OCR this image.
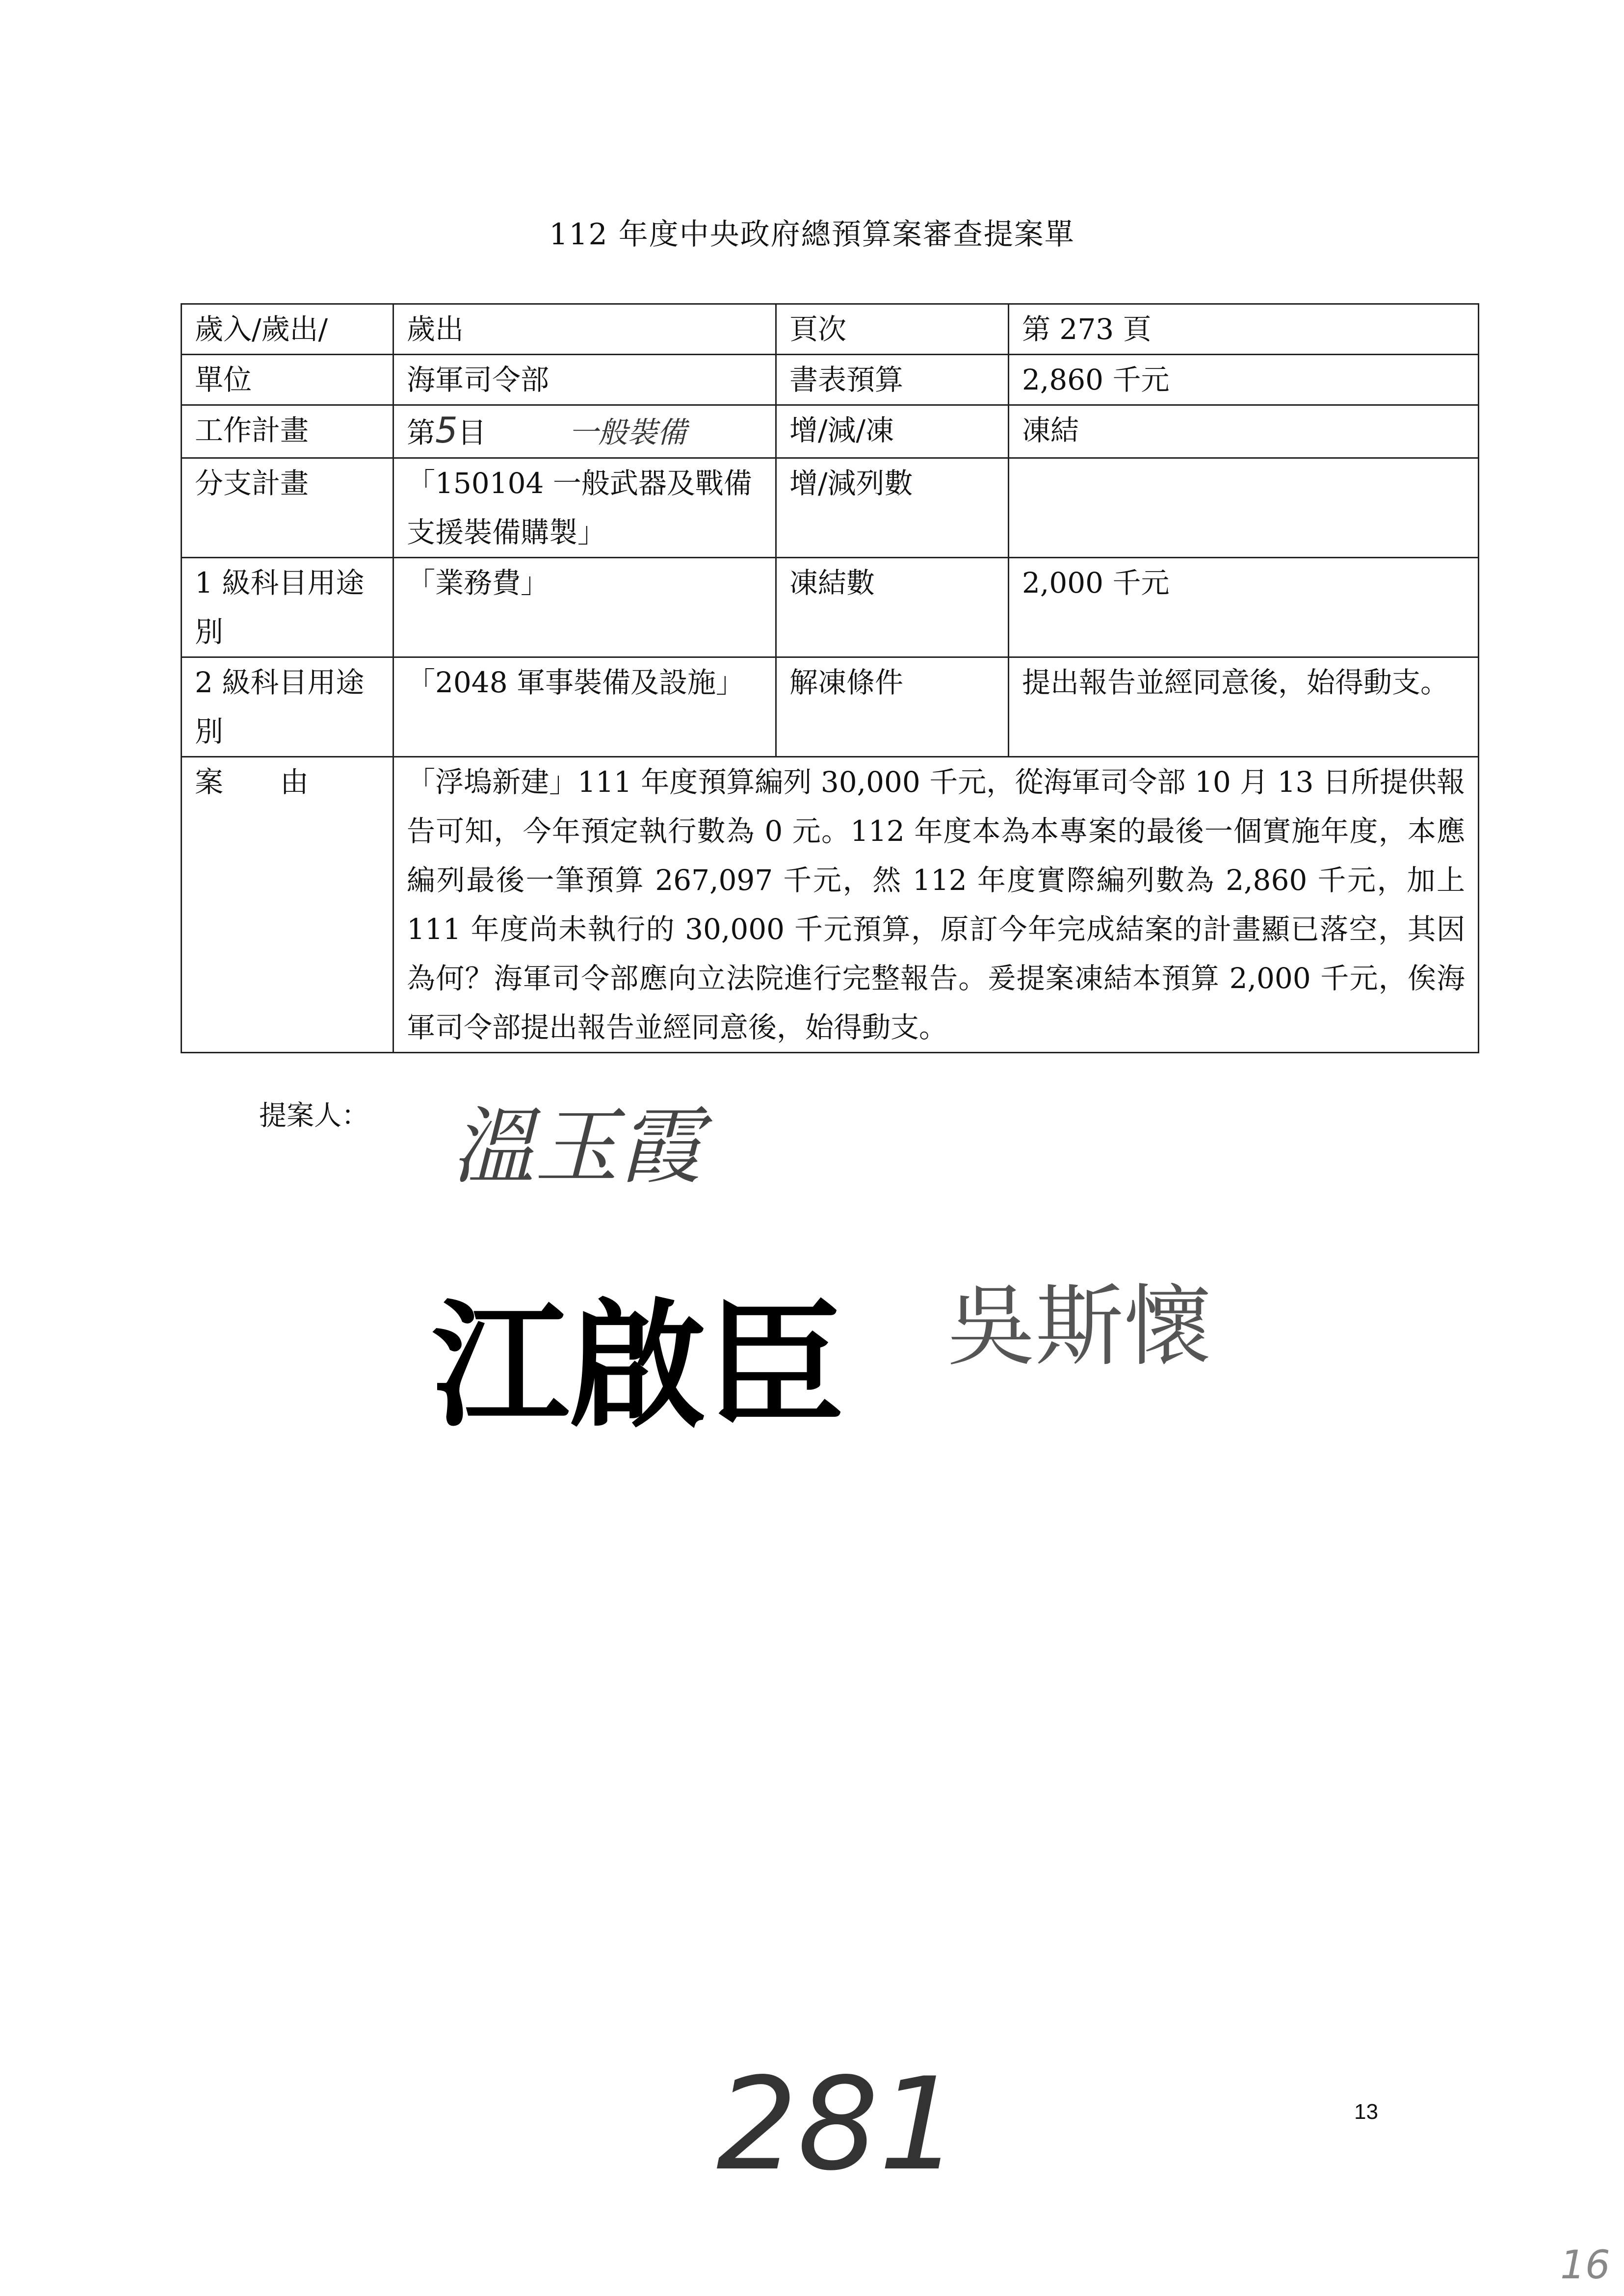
112 年度中央政府總預算案審查提案單
歲入/歲出/	歲出	頁次	第 273 頁
單位	海軍司令部	書表預算	2,860 千元
工作計畫	第5目 一般裝備	增/減/凍	凍結
分支計畫	「150104 一般武器及戰備支援裝備購製」	增/減列數	
1 級科目用途別	「業務費」	凍結數	2,000 千元
2 級科目用途別	「2048 軍事裝備及設施」	解凍條件	提出報告並經同意後，始得動支。
案　　由	「浮塢新建」111 年度預算編列 30,000 千元，從海軍司令部 10 月 13 日所提供報告可知，今年預定執行數為 0 元。112 年度本為本專案的最後一個實施年度，本應編列最後一筆預算 267,097 千元，然 112 年度實際編列數為 2,860 千元，加上 111 年度尚未執行的 30,000 千元預算，原訂今年完成結案的計畫顯已落空，其因為何？海軍司令部應向立法院進行完整報告。爰提案凍結本預算 2,000 千元，俟海軍司令部提出報告並經同意後，始得動支。		
提案人： 溫玉霞
江啟臣 吳斯懷
281	13
16
